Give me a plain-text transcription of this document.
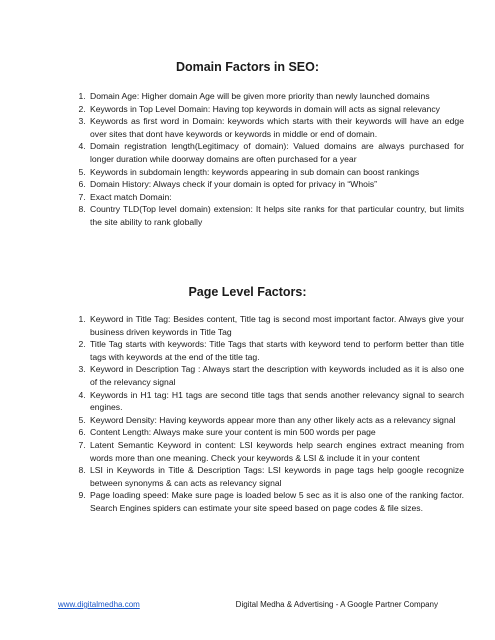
Domain Factors in SEO:
1. Domain Age: Higher domain Age will be given more priority than newly launched domains
2. Keywords in Top Level Domain: Having top keywords in domain will acts as signal relevancy
3. Keywords as first word in Domain: keywords which starts with their keywords will have an edge over sites that dont have keywords or keywords in middle or end of domain.
4. Domain registration length(Legitimacy of domain): Valued domains are always purchased for longer duration while doorway domains are often purchased for a year
5. Keywords in subdomain length: keywords appearing in sub domain can boost rankings
6. Domain History: Always check if your domain is opted for privacy in “Whois”
7. Exact match Domain:
8. Country TLD(Top level domain) extension: It helps site ranks for that particular country, but limits the site ability to rank globally
Page Level Factors:
1. Keyword in Title Tag: Besides content, Title tag is second most important factor. Always give your business driven keywords in Title Tag
2. Title Tag starts with keywords: Title Tags that starts with keyword tend to perform better than title tags with keywords at the end of the title tag.
3. Keyword in Description Tag : Always start the description with keywords included as it is also one of the relevancy signal
4. Keywords in H1 tag: H1 tags are second title tags that sends another relevancy signal to search engines.
5. Keyword Density: Having keywords appear more than any other likely acts as a relevancy signal
6. Content Length: Always make sure your content is min 500 words per page
7. Latent Semantic Keyword in content: LSI keywords help search engines extract meaning from words more than one meaning. Check your keywords & LSI & include it in your content
8. LSI in Keywords in Title & Description Tags: LSI keywords in page tags help google recognize between synonyms & can acts as relevancy signal
9. Page loading speed: Make sure page is loaded below 5 sec as it is also one of the ranking factor. Search Engines spiders can estimate your site speed based on page codes & file sizes.
www.digitalmedha.com	Digital Medha & Advertising - A Google Partner Company
